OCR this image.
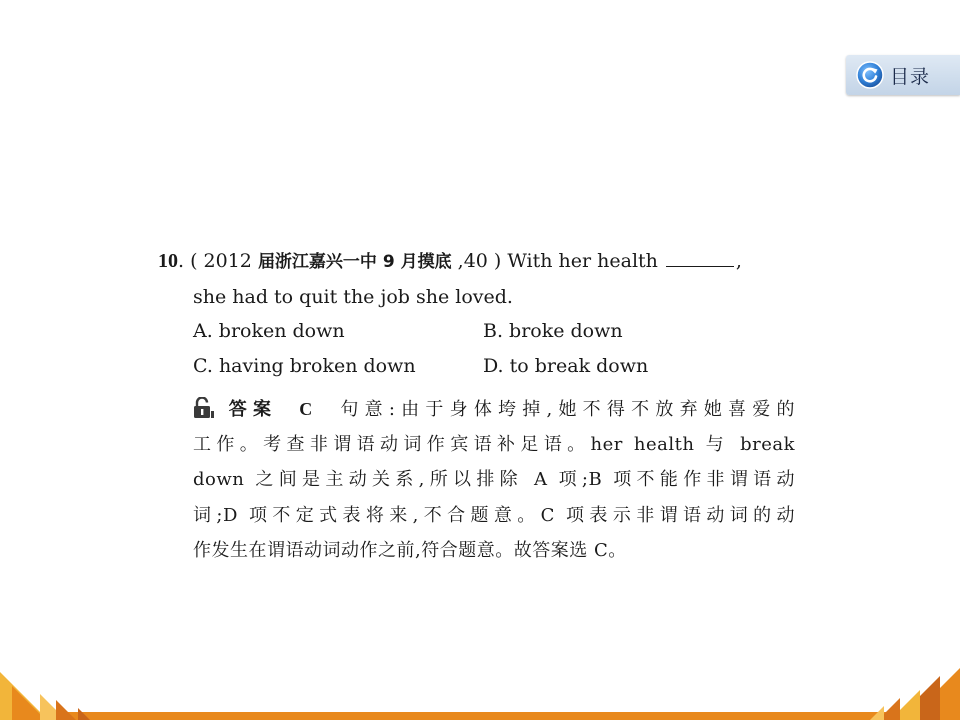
目录
10. ( 2012 届浙江嘉兴一中 9 月摸底 ,40 ) With her health	,
she had to quit the job she loved.
A. broken down	B. broke down
C. having broken down	D. to break down
答案 C 句意:由于身体垮掉,她不得不放弃她喜爱的
工作。考查非谓语动词作宾语补足语。her health 与 break
down 之间是主动关系,所以排除 A 项;B 项不能作非谓语动
词;D 项不定式表将来,不合题意。C 项表示非谓语动词的动
作发生在谓语动词动作之前,符合题意。故答案选 C。
